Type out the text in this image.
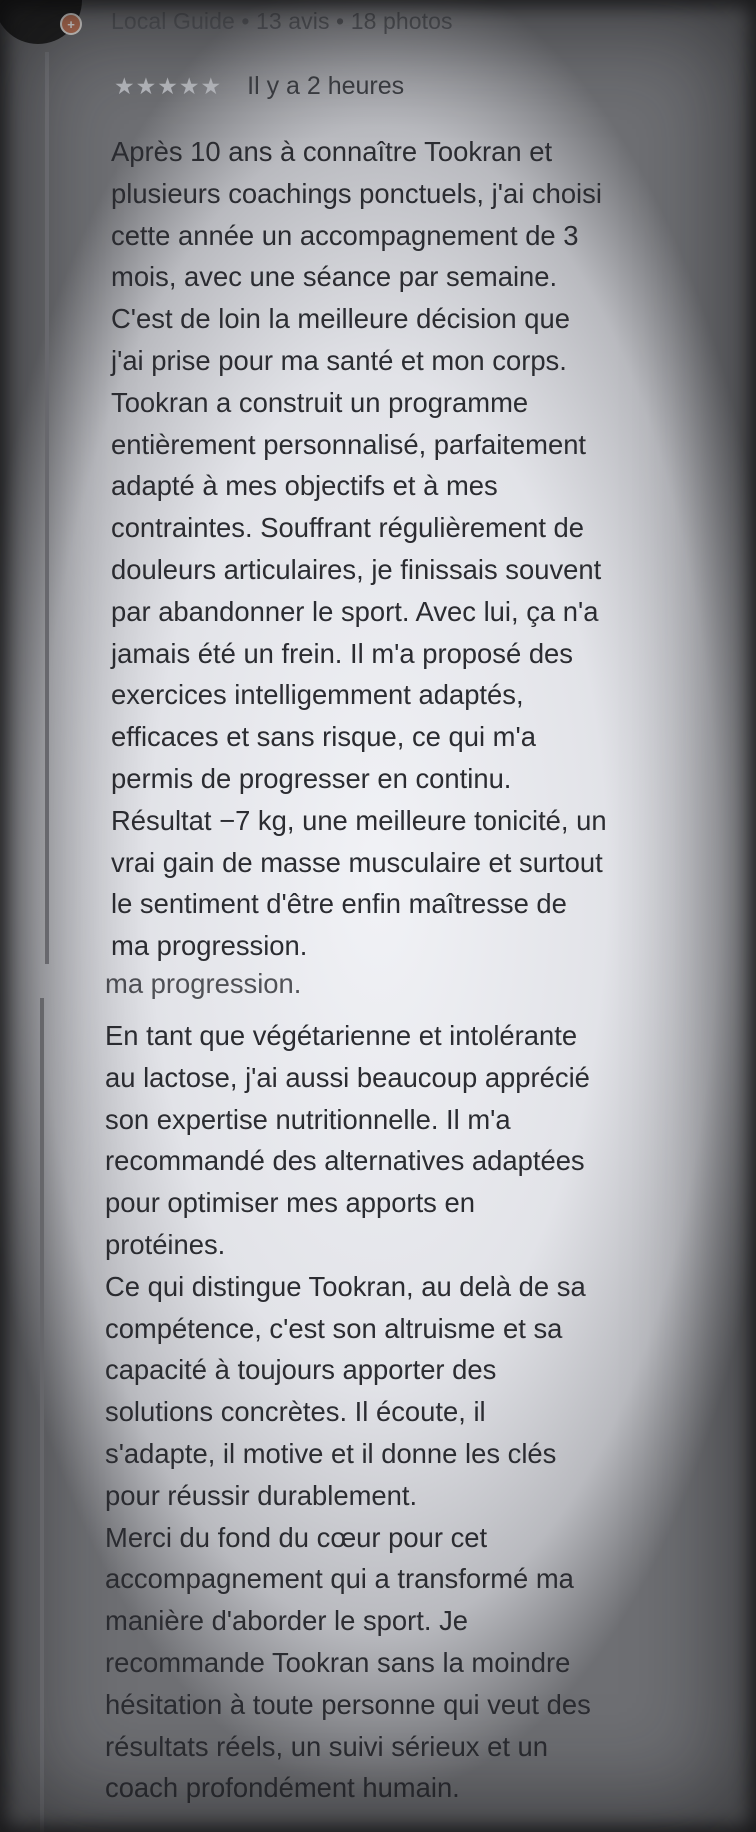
+	Local Guide • 13 avis • 18 photos
★ ★ ★ ★ ★ Il y a 2 heures
Après 10 ans à connaître Tookran et
plusieurs coachings ponctuels, j'ai choisi
cette année un accompagnement de 3
mois, avec une séance par semaine.
C'est de loin la meilleure décision que
j'ai prise pour ma santé et mon corps.
Tookran a construit un programme
entièrement personnalisé, parfaitement
adapté à mes objectifs et à mes
contraintes. Souffrant régulièrement de
douleurs articulaires, je finissais souvent
par abandonner le sport. Avec lui, ça n'a
jamais été un frein. Il m'a proposé des
exercices intelligemment adaptés,
efficaces et sans risque, ce qui m'a
permis de progresser en continu.
Résultat −7 kg, une meilleure tonicité, un
vrai gain de masse musculaire et surtout
le sentiment d'être enfin maîtresse de
ma progression.
ma progression.
En tant que végétarienne et intolérante
au lactose, j'ai aussi beaucoup apprécié
son expertise nutritionnelle. Il m'a
recommandé des alternatives adaptées
pour optimiser mes apports en
protéines.
Ce qui distingue Tookran, au delà de sa
compétence, c'est son altruisme et sa
capacité à toujours apporter des
solutions concrètes. Il écoute, il
s'adapte, il motive et il donne les clés
pour réussir durablement.
Merci du fond du cœur pour cet
accompagnement qui a transformé ma
manière d'aborder le sport. Je
recommande Tookran sans la moindre
hésitation à toute personne qui veut des
résultats réels, un suivi sérieux et un
coach profondément humain.
